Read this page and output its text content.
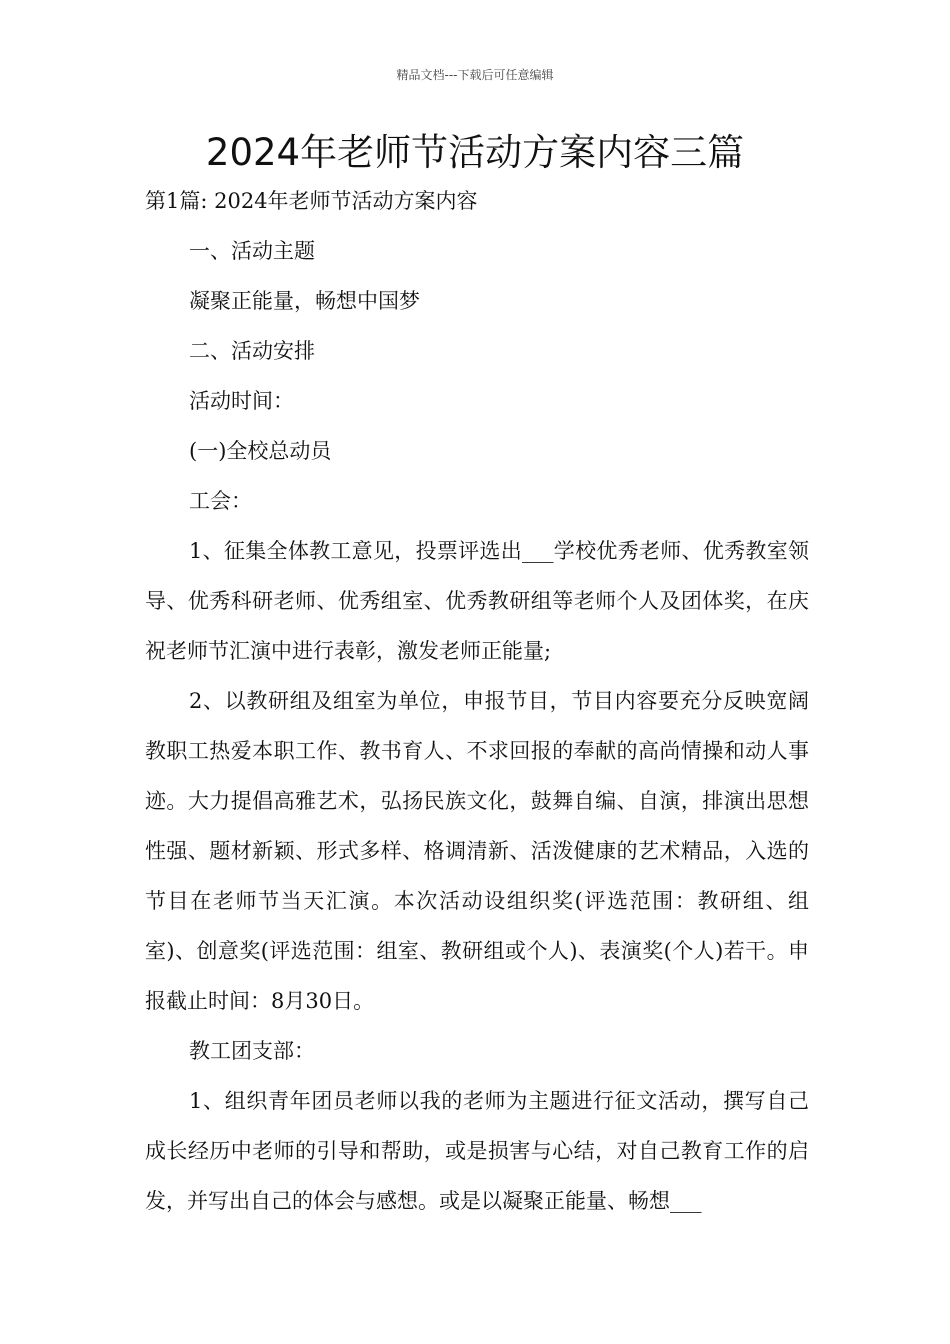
精品文档---下载后可任意编辑
2024年老师节活动方案内容三篇

第1篇: 2024年老师节活动方案内容

一、活动主题

凝聚正能量，畅想中国梦

二、活动安排

活动时间：

(一)全校总动员

工会：

1、征集全体教工意见，投票评选出___学校优秀老师、优秀教室领导、优秀科研老师、优秀组室、优秀教研组等老师个人及团体奖，在庆祝老师节汇演中进行表彰，激发老师正能量;

2、以教研组及组室为单位，申报节目，节目内容要充分反映宽阔教职工热爱本职工作、教书育人、不求回报的奉献的高尚情操和动人事迹。大力提倡高雅艺术，弘扬民族文化，鼓舞自编、自演，排演出思想性强、题材新颖、形式多样、格调清新、活泼健康的艺术精品，入选的节目在老师节当天汇演。本次活动设组织奖(评选范围：教研组、组室)、创意奖(评选范围：组室、教研组或个人)、表演奖(个人)若干。申报截止时间：8月30日。

教工团支部：

1、组织青年团员老师以我的老师为主题进行征文活动，撰写自己成长经历中老师的引导和帮助，或是损害与心结，对自己教育工作的启发，并写出自己的体会与感想。或是以凝聚正能量、畅想___
